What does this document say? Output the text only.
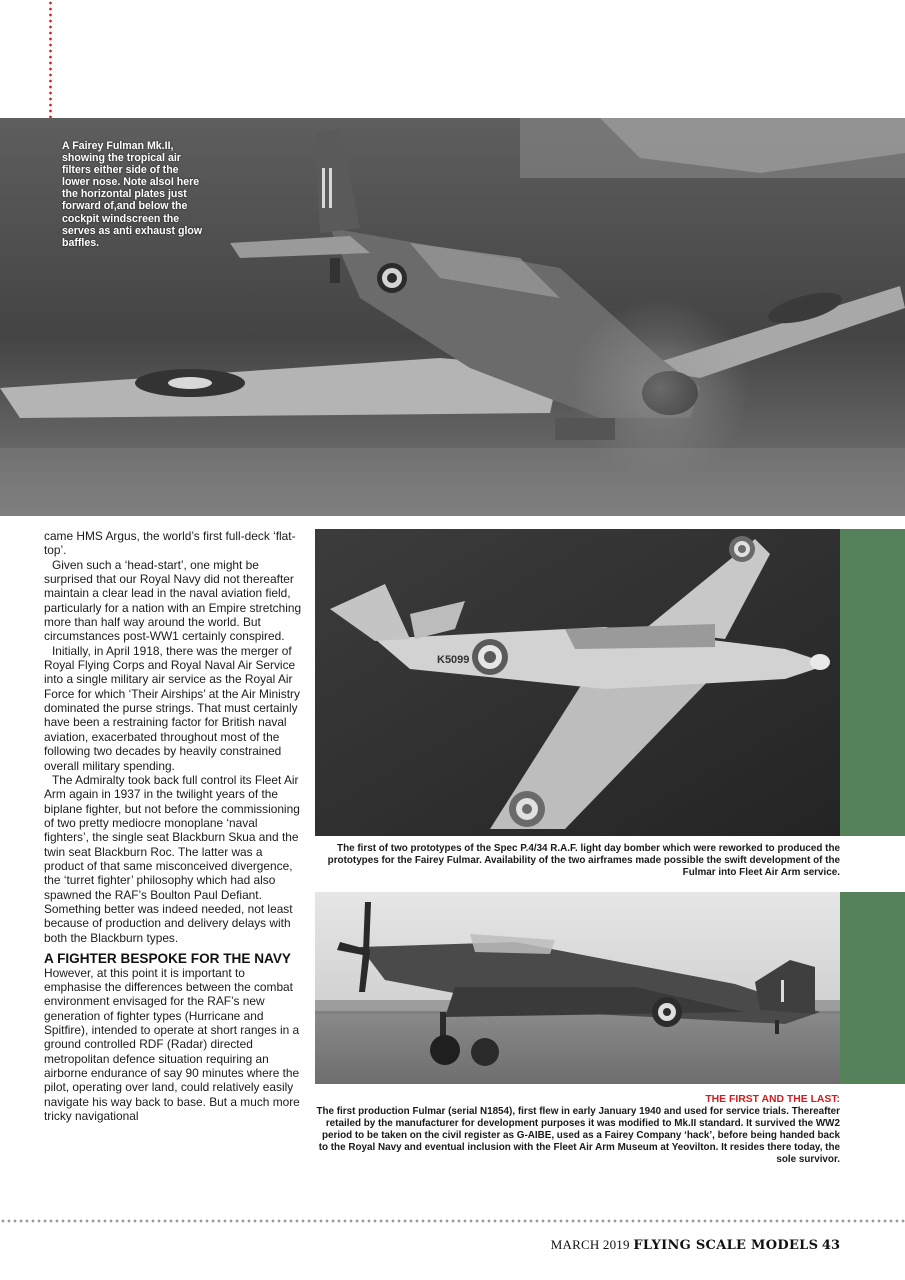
A Fairey Fulman Mk.II, showing the tropical air filters either side of the lower nose. Note alsoI here the horizontal plates just forward of,and below the cockpit windscreen the serves as anti exhaust glow baffles.

came HMS Argus, the world’s first full-deck ‘flat-top’.

Given such a ‘head-start’, one might be surprised that our Royal Navy did not thereafter maintain a clear lead in the naval aviation field, particularly for a nation with an Empire stretching more than half way around the world. But circumstances post-WW1 certainly conspired.

Initially, in April 1918, there was the merger of Royal Flying Corps and Royal Naval Air Service into a single military air service as the Royal Air Force for which ‘Their Airships’ at the Air Ministry dominated the purse strings. That must certainly have been a restraining factor for British naval aviation, exacerbated throughout most of the following two decades by heavily constrained overall military spending.

The Admiralty took back full control its Fleet Air Arm again in 1937 in the twilight years of the biplane fighter, but not before the commissioning of two pretty mediocre monoplane ‘naval fighters’, the single seat Blackburn Skua and the twin seat Blackburn Roc. The latter was a product of that same misconceived divergence, the ‘turret fighter’ philosophy which had also spawned the RAF’s Boulton Paul Defiant. Something better was indeed needed, not least because of production and delivery delays with both the Blackburn types.

A FIGHTER BESPOKE FOR THE NAVY

However, at this point it is important to emphasise the differences between the combat environment envisaged for the RAF’s new generation of fighter types (Hurricane and Spitfire), intended to operate at short ranges in a ground controlled RDF (Radar) directed metropolitan defence situation requiring an airborne endurance of say 90 minutes where the pilot, operating over land, could relatively easily navigate his way back to base. But a much more tricky navigational

K5099
The first of two prototypes of the Spec P.4/34 R.A.F. light day bomber which were reworked to produced the prototypes for the Fairey Fulmar. Availability of the two airframes made possible the swift development of the Fulmar into Fleet Air Arm service.
THE FIRST AND THE LAST:
The first production Fulmar (serial N1854), first flew in early January 1940 and used for service trials. Thereafter retailed by the manufacturer for development purposes it was modified to Mk.II standard. It survived the WW2 period to be taken on the civil register as G-AIBE, used as a Fairey Company ‘hack’, before being handed back to the Royal Navy and eventual inclusion with the Fleet Air Arm Museum at Yeovilton. It resides there today, the sole survivor.
MARCH 2019 FLYING SCALE MODELS 43
